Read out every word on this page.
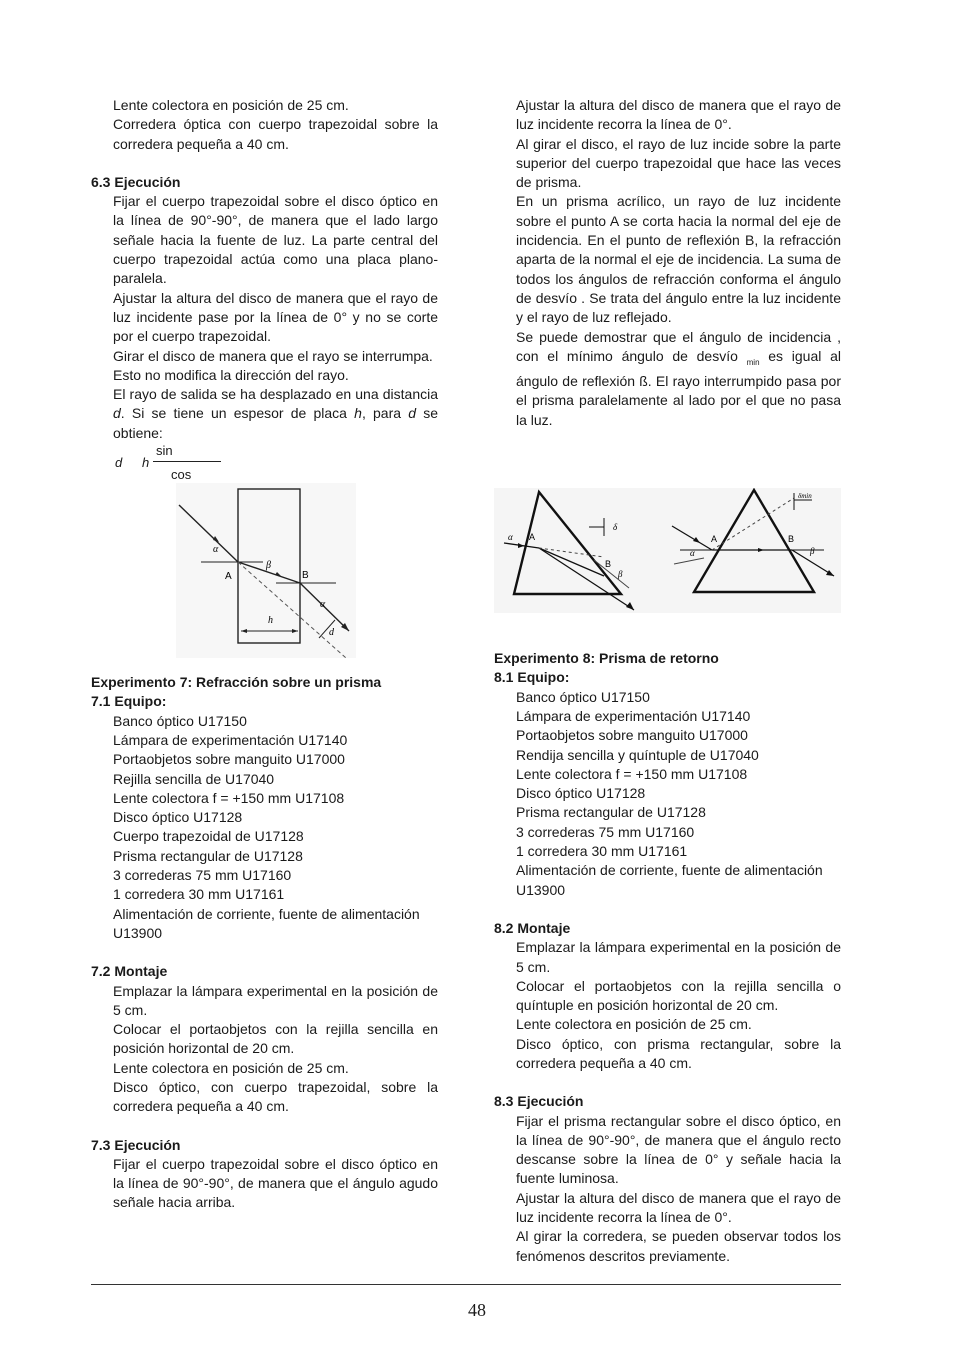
Lente colectora en posición de 25 cm.
Corredera óptica con cuerpo trapezoidal sobre la corredera pequeña a 40 cm.
6.3 Ejecución
Fijar el cuerpo trapezoidal sobre el disco óptico en la línea de 90°-90°, de manera que el lado largo señale hacia la fuente de luz. La parte central del cuerpo trapezoidal actúa como una placa plano-paralela.
Ajustar la altura del disco de manera que el rayo de luz incidente pase por la línea de 0° y no se corte por el cuerpo trapezoidal.
Girar el disco de manera que el rayo se interrumpa.
Esto no modifica la dirección del rayo.
El rayo de salida se ha desplazado en una distancia d. Si se tiene un espesor de placa h, para d se obtiene:
d h
sin
cos
α
β
A	B
α
h
d
Experimento 7: Refracción sobre un prisma
7.1 Equipo:
Banco óptico U17150
Lámpara de experimentación U17140
Portaobjetos sobre manguito U17000
Rejilla sencilla de U17040
Lente colectora f = +150 mm U17108
Disco óptico U17128
Cuerpo trapezoidal de U17128
Prisma rectangular de U17128
3 correderas 75 mm U17160
1 corredera 30 mm U17161
Alimentación de corriente, fuente de alimentación U13900
7.2 Montaje
Emplazar la lámpara experimental en la posición de 5 cm.
Colocar el portaobjetos con la rejilla sencilla en posición horizontal de 20 cm.
Lente colectora en posición de 25 cm.
Disco óptico, con cuerpo trapezoidal, sobre la corredera pequeña a 40 cm.
7.3 Ejecución
Fijar el cuerpo trapezoidal sobre el disco óptico en la línea de 90°-90°, de manera que el ángulo agudo señale hacia arriba.
Ajustar la altura del disco de manera que el rayo de luz incidente recorra la línea de 0°.
Al girar el disco, el rayo de luz incide sobre la parte superior del cuerpo trapezoidal que hace las veces de prisma.
En un prisma acrílico, un rayo de luz incidente sobre el punto A se corta hacia la normal del eje de incidencia. En el punto de reflexión B, la refracción aparta de la normal el eje de incidencia. La suma de todos los ángulos de refracción conforma el ángulo de desvío . Se trata del ángulo entre la luz incidente y el rayo de luz reflejado.
Se puede demostrar que el ángulo de incidencia , con el mínimo ángulo de desvío $_{min}$ es igual al ángulo de reflexión ß. El rayo interrumpido pasa por el prisma paralelamente al lado por el que no pasa la luz.
α A
δ
B
β
α
A
δmin
B
β
Experimento 8: Prisma de retorno
8.1 Equipo:
Banco óptico U17150
Lámpara de experimentación U17140
Portaobjetos sobre manguito U17000
Rendija sencilla y quíntuple de U17040
Lente colectora f = +150 mm U17108
Disco óptico U17128
Prisma rectangular de U17128
3 correderas 75 mm U17160
1 corredera 30 mm U17161
Alimentación de corriente, fuente de alimentación U13900
8.2 Montaje
Emplazar la lámpara experimental en la posición de 5 cm.
Colocar el portaobjetos con la rejilla sencilla o quíntuple en posición horizontal de 20 cm.
Lente colectora en posición de 25 cm.
Disco óptico, con prisma rectangular, sobre la corredera pequeña a 40 cm.
8.3 Ejecución
Fijar el prisma rectangular sobre el disco óptico, en la línea de 90°-90°, de manera que el ángulo recto descanse sobre la línea de 0° y señale hacia la fuente luminosa.
Ajustar la altura del disco de manera que el rayo de luz incidente recorra la línea de 0°.
Al girar la corredera, se pueden observar todos los fenómenos descritos previamente.
48
